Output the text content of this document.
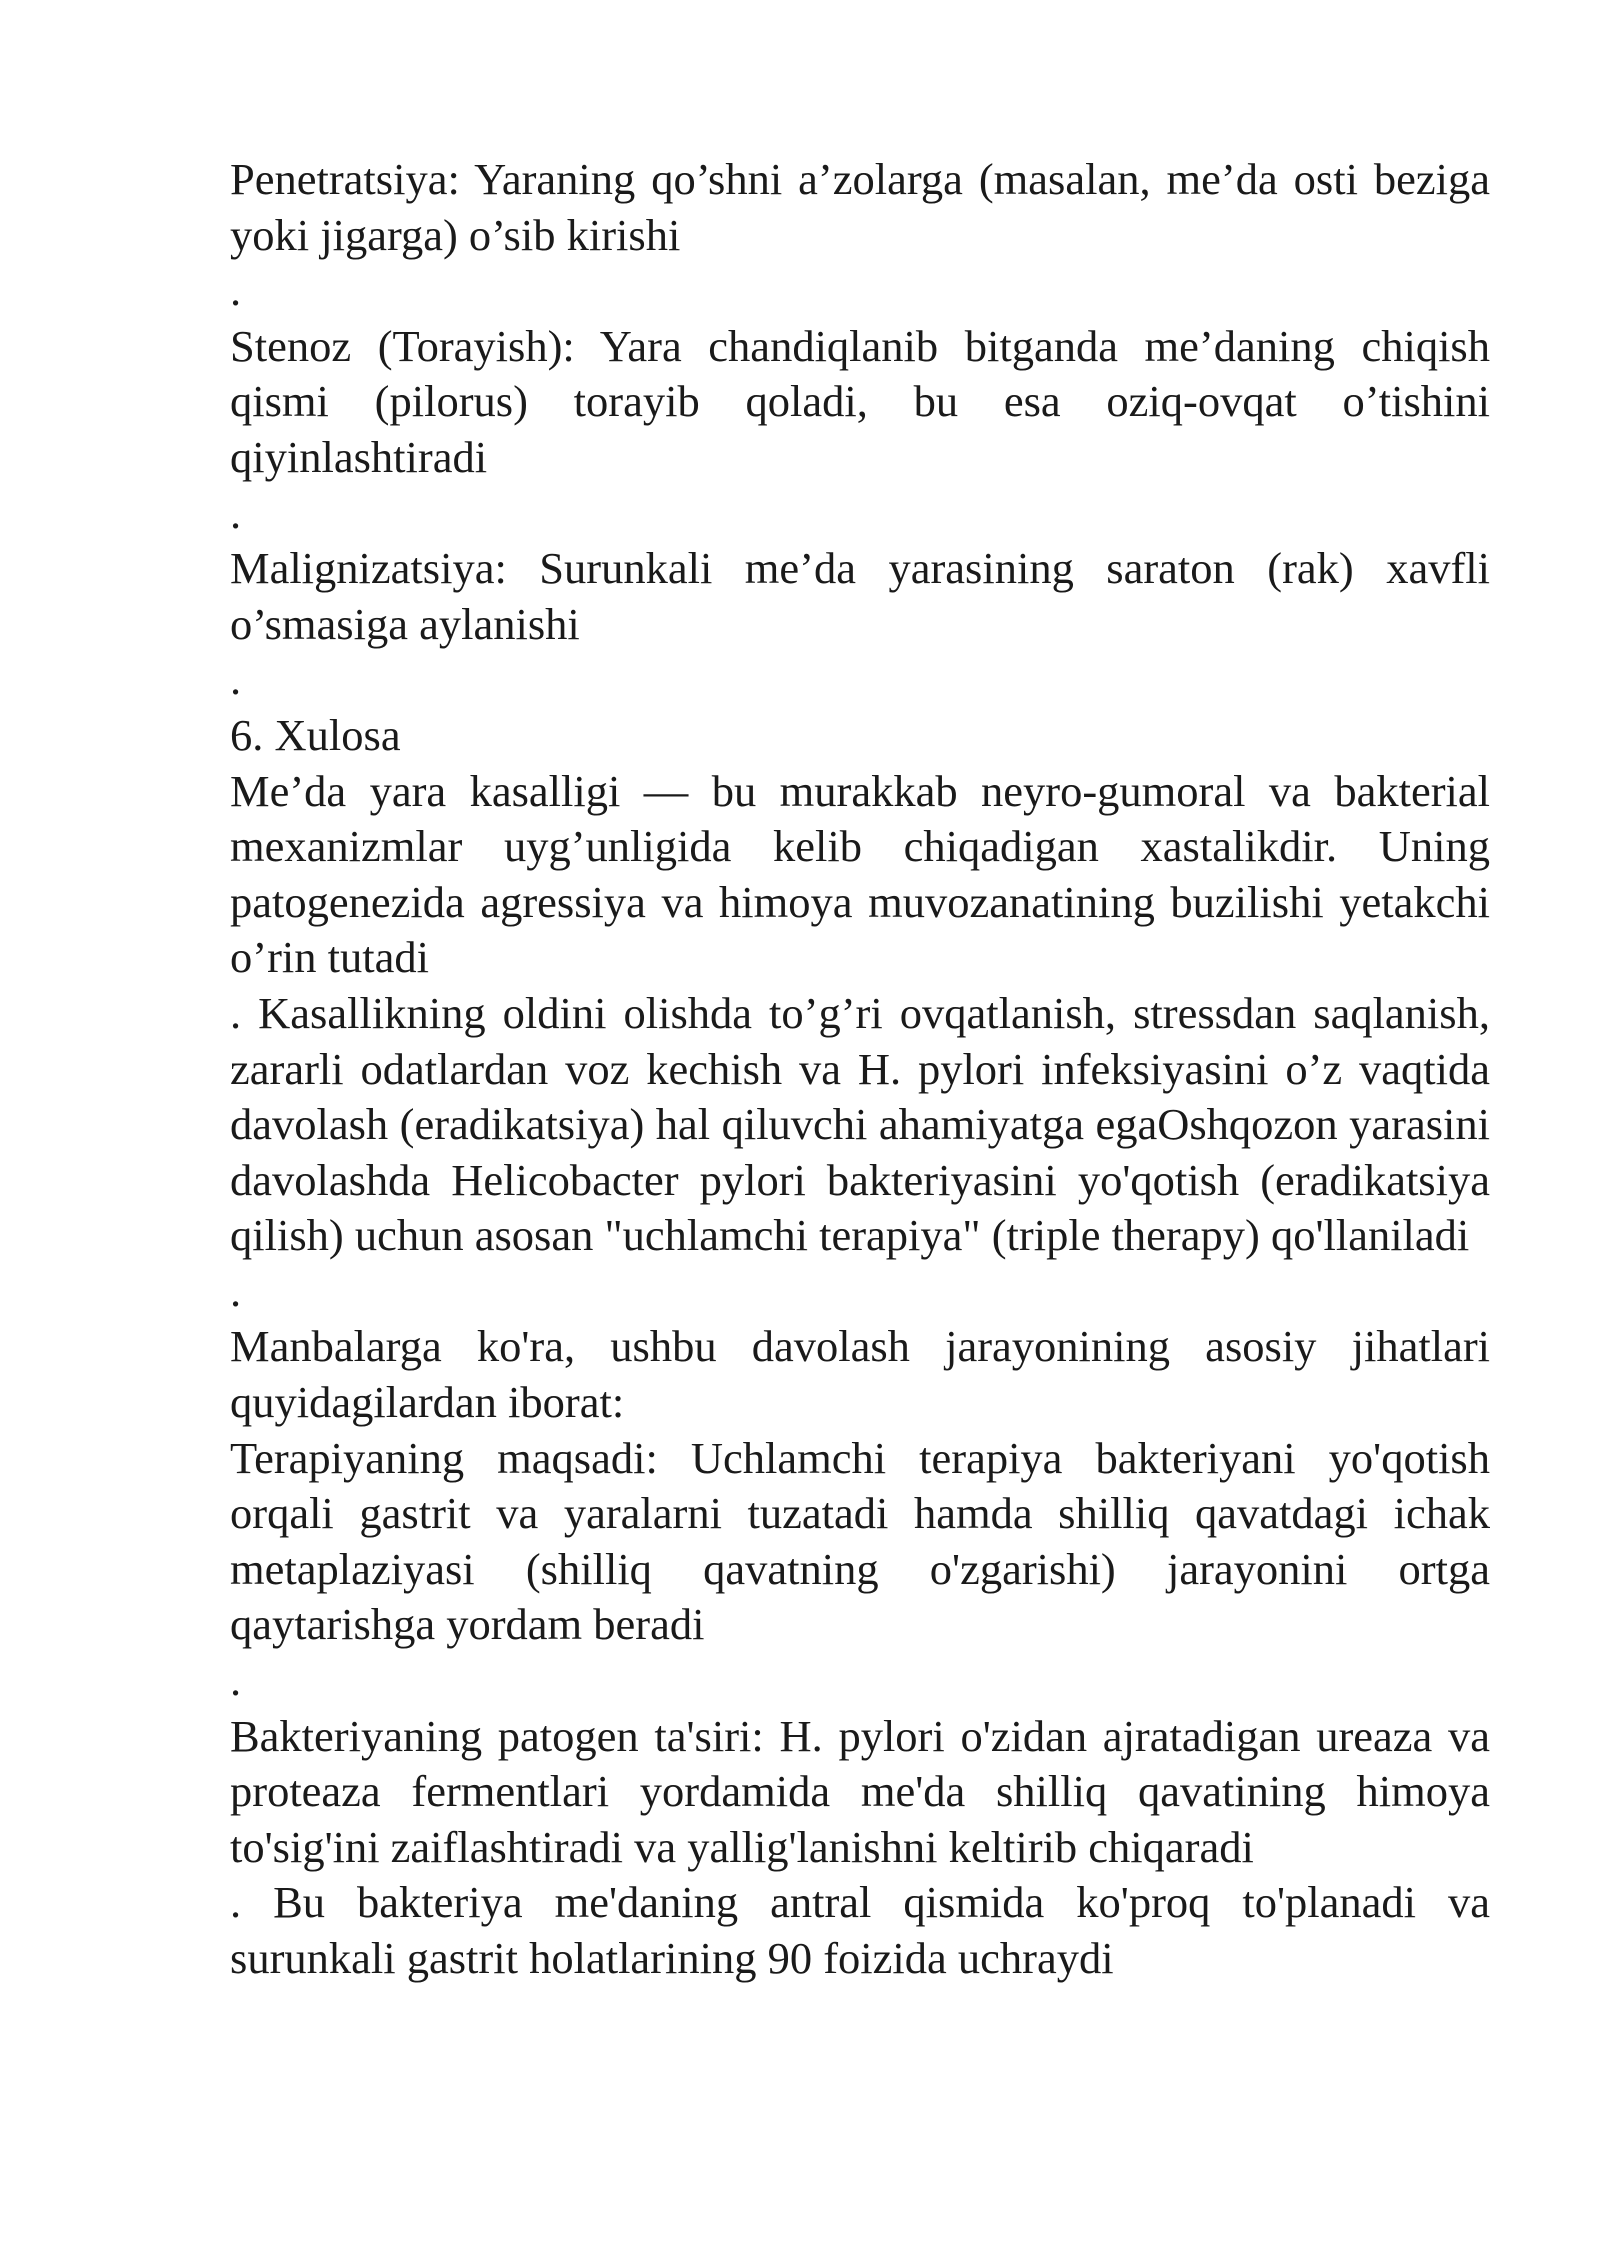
Penetratsiya: Yaraning qo’shni a’zolarga (masalan, me’da osti beziga yoki jigarga) o’sib kirishi

.

Stenoz (Torayish): Yara chandiqlanib bitganda me’daning chiqish qismi (pilorus) torayib qoladi, bu esa oziq-ovqat o’tishini qiyinlashtiradi

.

Malignizatsiya: Surunkali me’da yarasining saraton (rak) xavfli o’smasiga aylanishi

.

6. Xulosa

Me’da yara kasalligi — bu murakkab neyro-gumoral va bakterial mexanizmlar uyg’unligida kelib chiqadigan xastalikdir. Uning patogenezida agressiya va himoya muvozanatining buzilishi yetakchi o’rin tutadi

. Kasallikning oldini olishda to’g’ri ovqatlanish, stressdan saqlanish, zararli odatlardan voz kechish va H. pylori infeksiyasini o’z vaqtida davolash (eradikatsiya) hal qiluvchi ahamiyatga egaOshqozon yarasini davolashda Helicobacter pylori bakteriyasini yo'qotish (eradikatsiya qilish) uchun asosan "uchlamchi terapiya" (triple therapy) qo'llaniladi

.

Manbalarga ko'ra, ushbu davolash jarayonining asosiy jihatlari quyidagilardan iborat:

Terapiyaning maqsadi: Uchlamchi terapiya bakteriyani yo'qotish orqali gastrit va yaralarni tuzatadi hamda shilliq qavatdagi ichak metaplaziyasi (shilliq qavatning o'zgarishi) jarayonini ortga qaytarishga yordam beradi

.

Bakteriyaning patogen ta'siri: H. pylori o'zidan ajratadigan ureaza va proteaza fermentlari yordamida me'da shilliq qavatining himoya to'sig'ini zaiflashtiradi va yallig'lanishni keltirib chiqaradi

. Bu bakteriya me'daning antral qismida ko'proq to'planadi va surunkali gastrit holatlarining 90 foizida uchraydi
